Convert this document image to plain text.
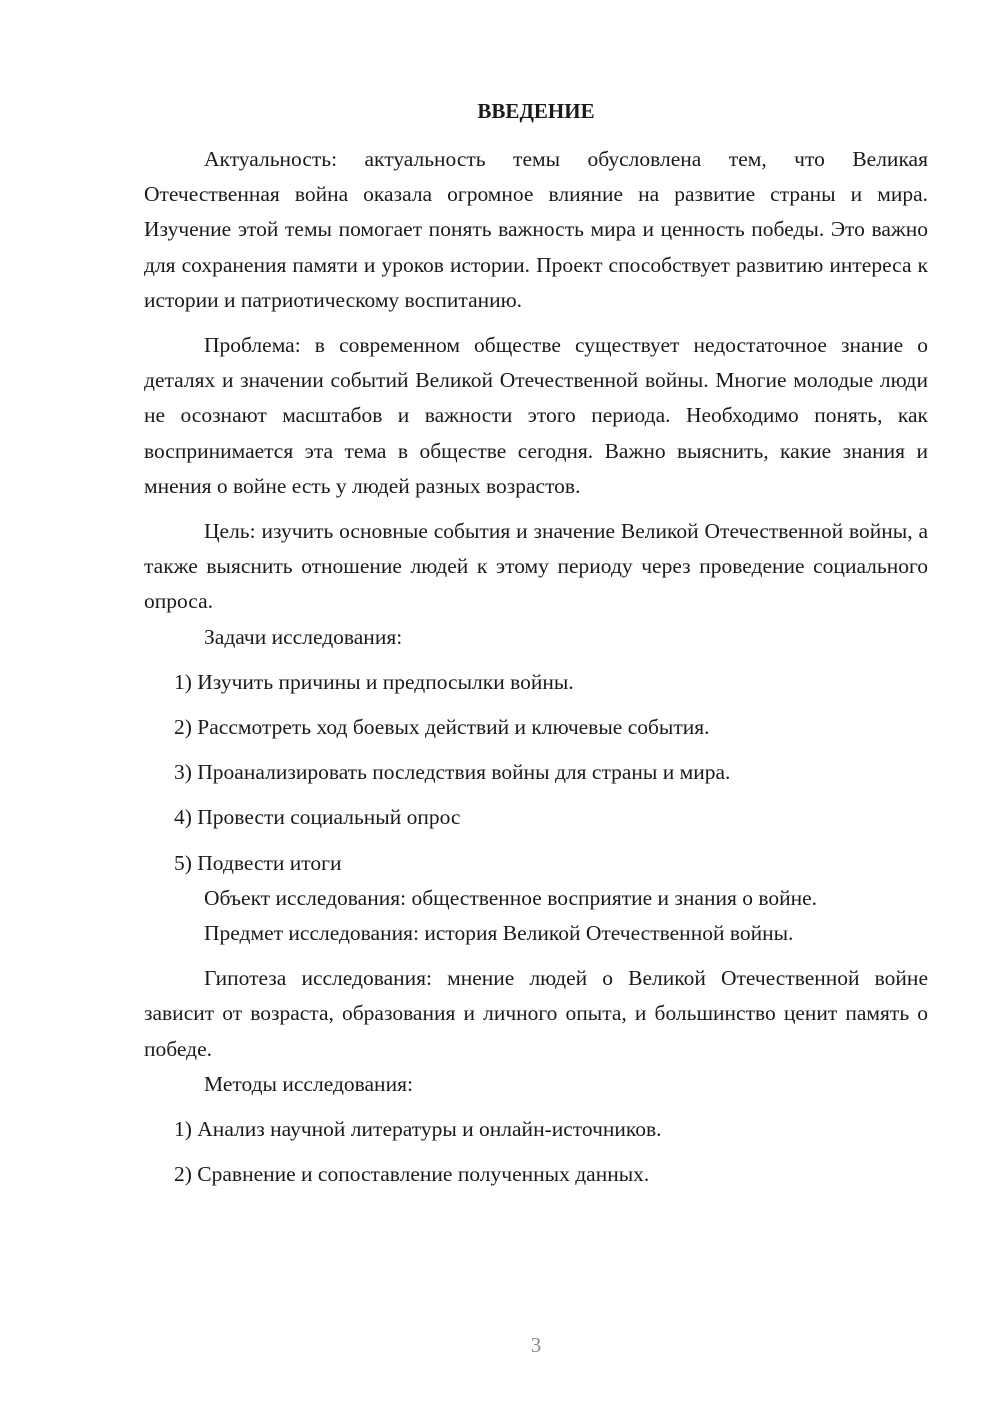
ВВЕДЕНИЕ

Актуальность: актуальность темы обусловлена тем, что Великая Отечественная война оказала огромное влияние на развитие страны и мира. Изучение этой темы помогает понять важность мира и ценность победы. Это важно для сохранения памяти и уроков истории. Проект способствует развитию интереса к истории и патриотическому воспитанию.

Проблема: в современном обществе существует недостаточное знание о деталях и значении событий Великой Отечественной войны. Многие молодые люди не осознают масштабов и важности этого периода. Необходимо понять, как воспринимается эта тема в обществе сегодня. Важно выяснить, какие знания и мнения о войне есть у людей разных возрастов.

Цель: изучить основные события и значение Великой Отечественной войны, а также выяснить отношение людей к этому периоду через проведение социального опроса.

Задачи исследования:

1) Изучить причины и предпосылки войны.

2) Рассмотреть ход боевых действий и ключевые события.

3) Проанализировать последствия войны для страны и мира.

4) Провести социальный опрос

5) Подвести итоги

Объект исследования: общественное восприятие и знания о войне.

Предмет исследования: история Великой Отечественной войны.

Гипотеза исследования: мнение людей о Великой Отечественной войне зависит от возраста, образования и личного опыта, и большинство ценит память о победе.

Методы исследования:

1) Анализ научной литературы и онлайн-источников.

2) Сравнение и сопоставление полученных данных.

3
